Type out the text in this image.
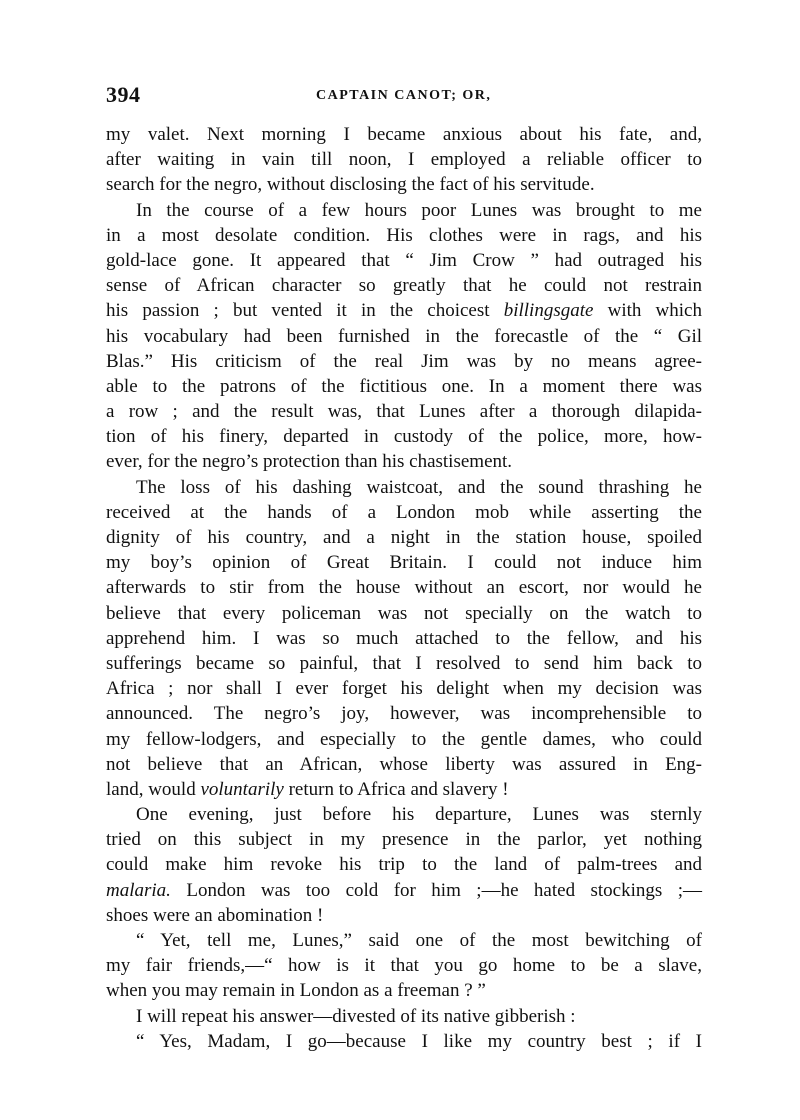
394	CAPTAIN CANOT; OR,
my valet. Next morning I became anxious about his fate, and,
after waiting in vain till noon, I employed a reliable officer to
search for the negro, without disclosing the fact of his servitude.
In the course of a few hours poor Lunes was brought to me
in a most desolate condition. His clothes were in rags, and his
gold-lace gone. It appeared that “ Jim Crow ” had outraged his
sense of African character so greatly that he could not restrain
his passion ; but vented it in the choicest billingsgate with which
his vocabulary had been furnished in the forecastle of the “ Gil
Blas.” His criticism of the real Jim was by no means agree-
able to the patrons of the fictitious one. In a moment there was
a row ; and the result was, that Lunes after a thorough dilapida-
tion of his finery, departed in custody of the police, more, how-
ever, for the negro’s protection than his chastisement.
The loss of his dashing waistcoat, and the sound thrashing he
received at the hands of a London mob while asserting the
dignity of his country, and a night in the station house, spoiled
my boy’s opinion of Great Britain. I could not induce him
afterwards to stir from the house without an escort, nor would he
believe that every policeman was not specially on the watch to
apprehend him. I was so much attached to the fellow, and his
sufferings became so painful, that I resolved to send him back to
Africa ; nor shall I ever forget his delight when my decision was
announced. The negro’s joy, however, was incomprehensible to
my fellow-lodgers, and especially to the gentle dames, who could
not believe that an African, whose liberty was assured in Eng-
land, would voluntarily return to Africa and slavery !
One evening, just before his departure, Lunes was sternly
tried on this subject in my presence in the parlor, yet nothing
could make him revoke his trip to the land of palm-trees and
malaria. London was too cold for him ;—he hated stockings ;—
shoes were an abomination !
“ Yet, tell me, Lunes,” said one of the most bewitching of
my fair friends,—“ how is it that you go home to be a slave,
when you may remain in London as a freeman ? ”
I will repeat his answer—divested of its native gibberish :
“ Yes, Madam, I go—because I like my country best ; if I
